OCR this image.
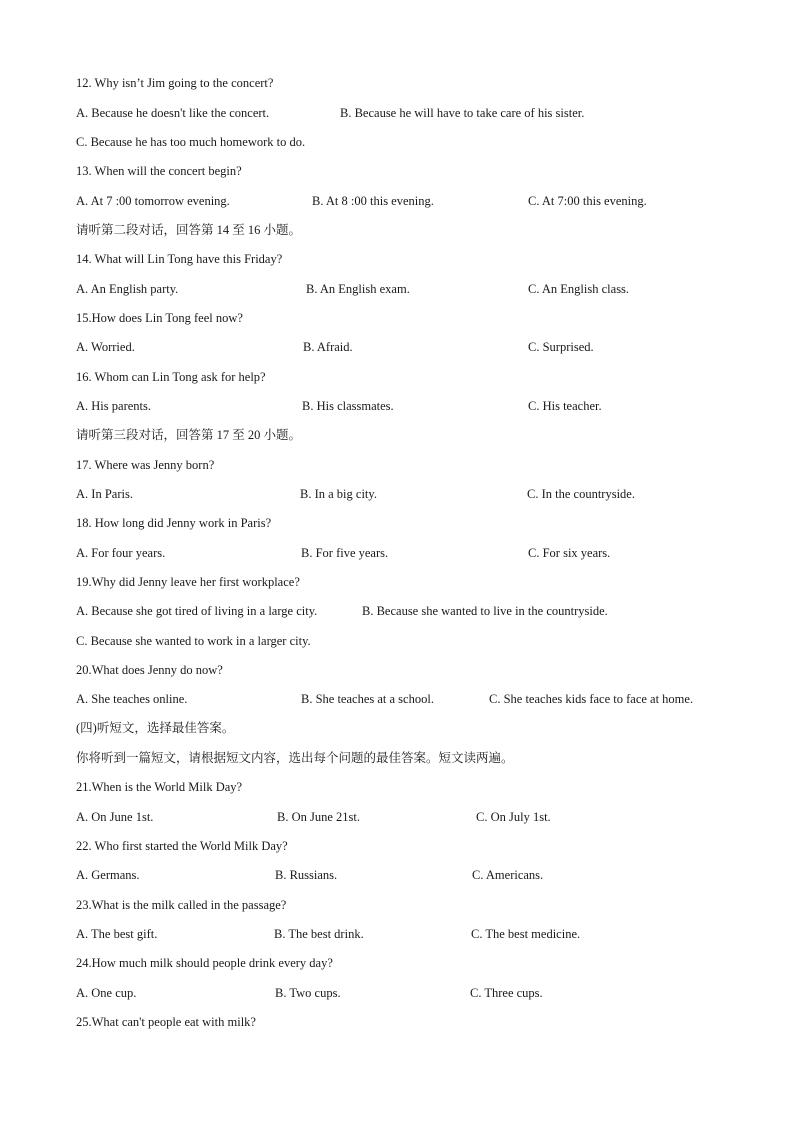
12. Why isn’t Jim going to the concert?
A. Because he doesn't like the concert.	B. Because he will have to take care of his sister.
C. Because he has too much homework to do.
13. When will the concert begin?
A. At 7 :00 tomorrow evening.	B. At 8 :00 this evening.	C. At 7:00 this evening.
请听第二段对话，回答第 14 至 16 小题。
14. What will Lin Tong have this Friday?
A. An English party.	B. An English exam.	C. An English class.
15.How does Lin Tong feel now?
A. Worried.	B. Afraid.	C. Surprised.
16. Whom can Lin Tong ask for help?
A. His parents.	B. His classmates.	C. His teacher.
请听第三段对话，回答第 17 至 20 小题。
17. Where was Jenny born?
A. In Paris.	B. In a big city.	C. In the countryside.
18. How long did Jenny work in Paris?
A. For four years.	B. For five years.	C. For six years.
19.Why did Jenny leave her first workplace?
A. Because she got tired of living in a large city.	B. Because she wanted to live in the countryside.
C. Because she wanted to work in a larger city.
20.What does Jenny do now?
A. She teaches online.	B. She teaches at a school.	C. She teaches kids face to face at home.
(四)听短文，选择最佳答案。
你将听到一篇短文，请根据短文内容，选出每个问题的最佳答案。短文读两遍。
21.When is the World Milk Day?
A. On June 1st.	B. On June 21st.	C. On July 1st.
22. Who first started the World Milk Day?
A. Germans.	B. Russians.	C. Americans.
23.What is the milk called in the passage?
A. The best gift.	B. The best drink.	C. The best medicine.
24.How much milk should people drink every day?
A. One cup.	B. Two cups.	C. Three cups.
25.What can't people eat with milk?
